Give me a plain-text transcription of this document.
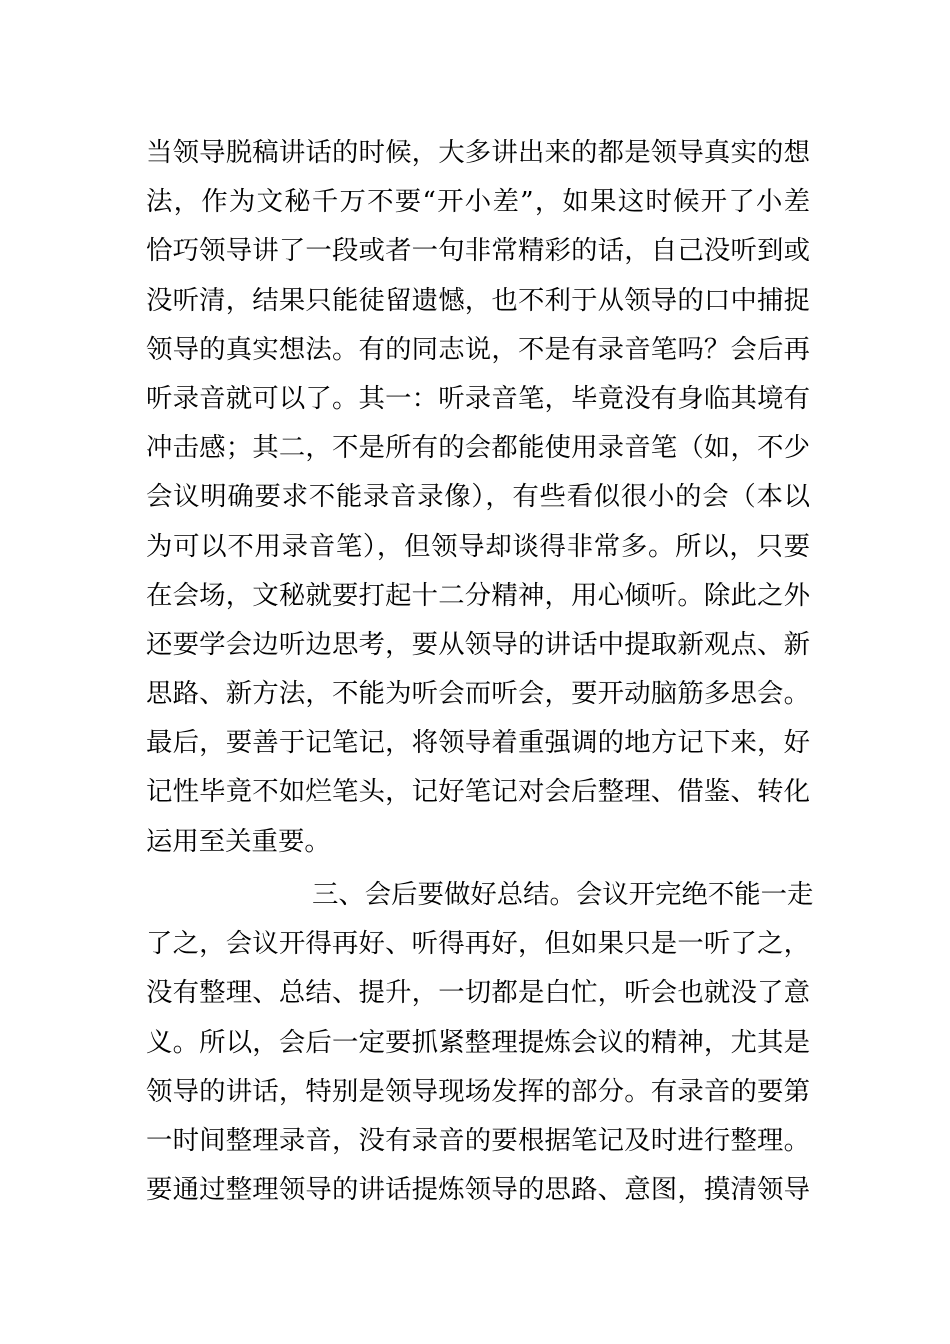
当领导脱稿讲话的时候，大多讲出来的都是领导真实的想
法，作为文秘千万不要“开小差”，如果这时候开了小差
恰巧领导讲了一段或者一句非常精彩的话，自己没听到或
没听清，结果只能徒留遗憾，也不利于从领导的口中捕捉
领导的真实想法。有的同志说，不是有录音笔吗？会后再
听录音就可以了。其一：听录音笔，毕竟没有身临其境有
冲击感；其二，不是所有的会都能使用录音笔（如，不少
会议明确要求不能录音录像），有些看似很小的会（本以
为可以不用录音笔），但领导却谈得非常多。所以，只要
在会场，文秘就要打起十二分精神，用心倾听。除此之外
还要学会边听边思考，要从领导的讲话中提取新观点、新
思路、新方法，不能为听会而听会，要开动脑筋多思会。
最后，要善于记笔记，将领导着重强调的地方记下来，好
记性毕竟不如烂笔头，记好笔记对会后整理、借鉴、转化
运用至关重要。
三、会后要做好总结。会议开完绝不能一走
了之，会议开得再好、听得再好，但如果只是一听了之，
没有整理、总结、提升，一切都是白忙，听会也就没了意
义。所以，会后一定要抓紧整理提炼会议的精神，尤其是
领导的讲话，特别是领导现场发挥的部分。有录音的要第
一时间整理录音，没有录音的要根据笔记及时进行整理。
要通过整理领导的讲话提炼领导的思路、意图，摸清领导
